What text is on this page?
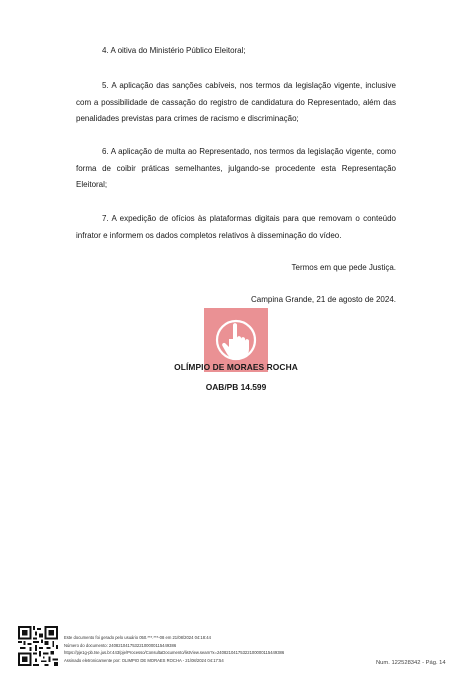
4. A oitiva do Ministério Público Eleitoral;
5. A aplicação das sanções cabíveis, nos termos da legislação vigente, inclusive com a possibilidade de cassação do registro de candidatura do Representado, além das penalidades previstas para crimes de racismo e discriminação;
6. A aplicação de multa ao Representado, nos termos da legislação vigente, como forma de coibir práticas semelhantes, julgando-se procedente esta Representação Eleitoral;
7. A expedição de ofícios às plataformas digitais para que removam o conteúdo infrator e informem os dados completos relativos à disseminação do vídeo.
Termos em que pede Justiça.
Campina Grande, 21 de agosto de 2024.
OLÍMPIO DE MORAES ROCHA
OAB/PB 14.599
Este documento foi gerado pelo usuário 050.***.***-08 em 21/08/2024 04:18:44
Número do documento: 24082104175322100000115449386
https://pje1g-pb.tse.jus.br:443/pje/Processo/ConsultaDocumento/listView.seam?x=24082104175322100000115449386
Assinado eletronicamente por: OLIMPIO DE MORAES ROCHA - 21/08/2024 04:17:54	Num. 122528342 - Pág. 14
